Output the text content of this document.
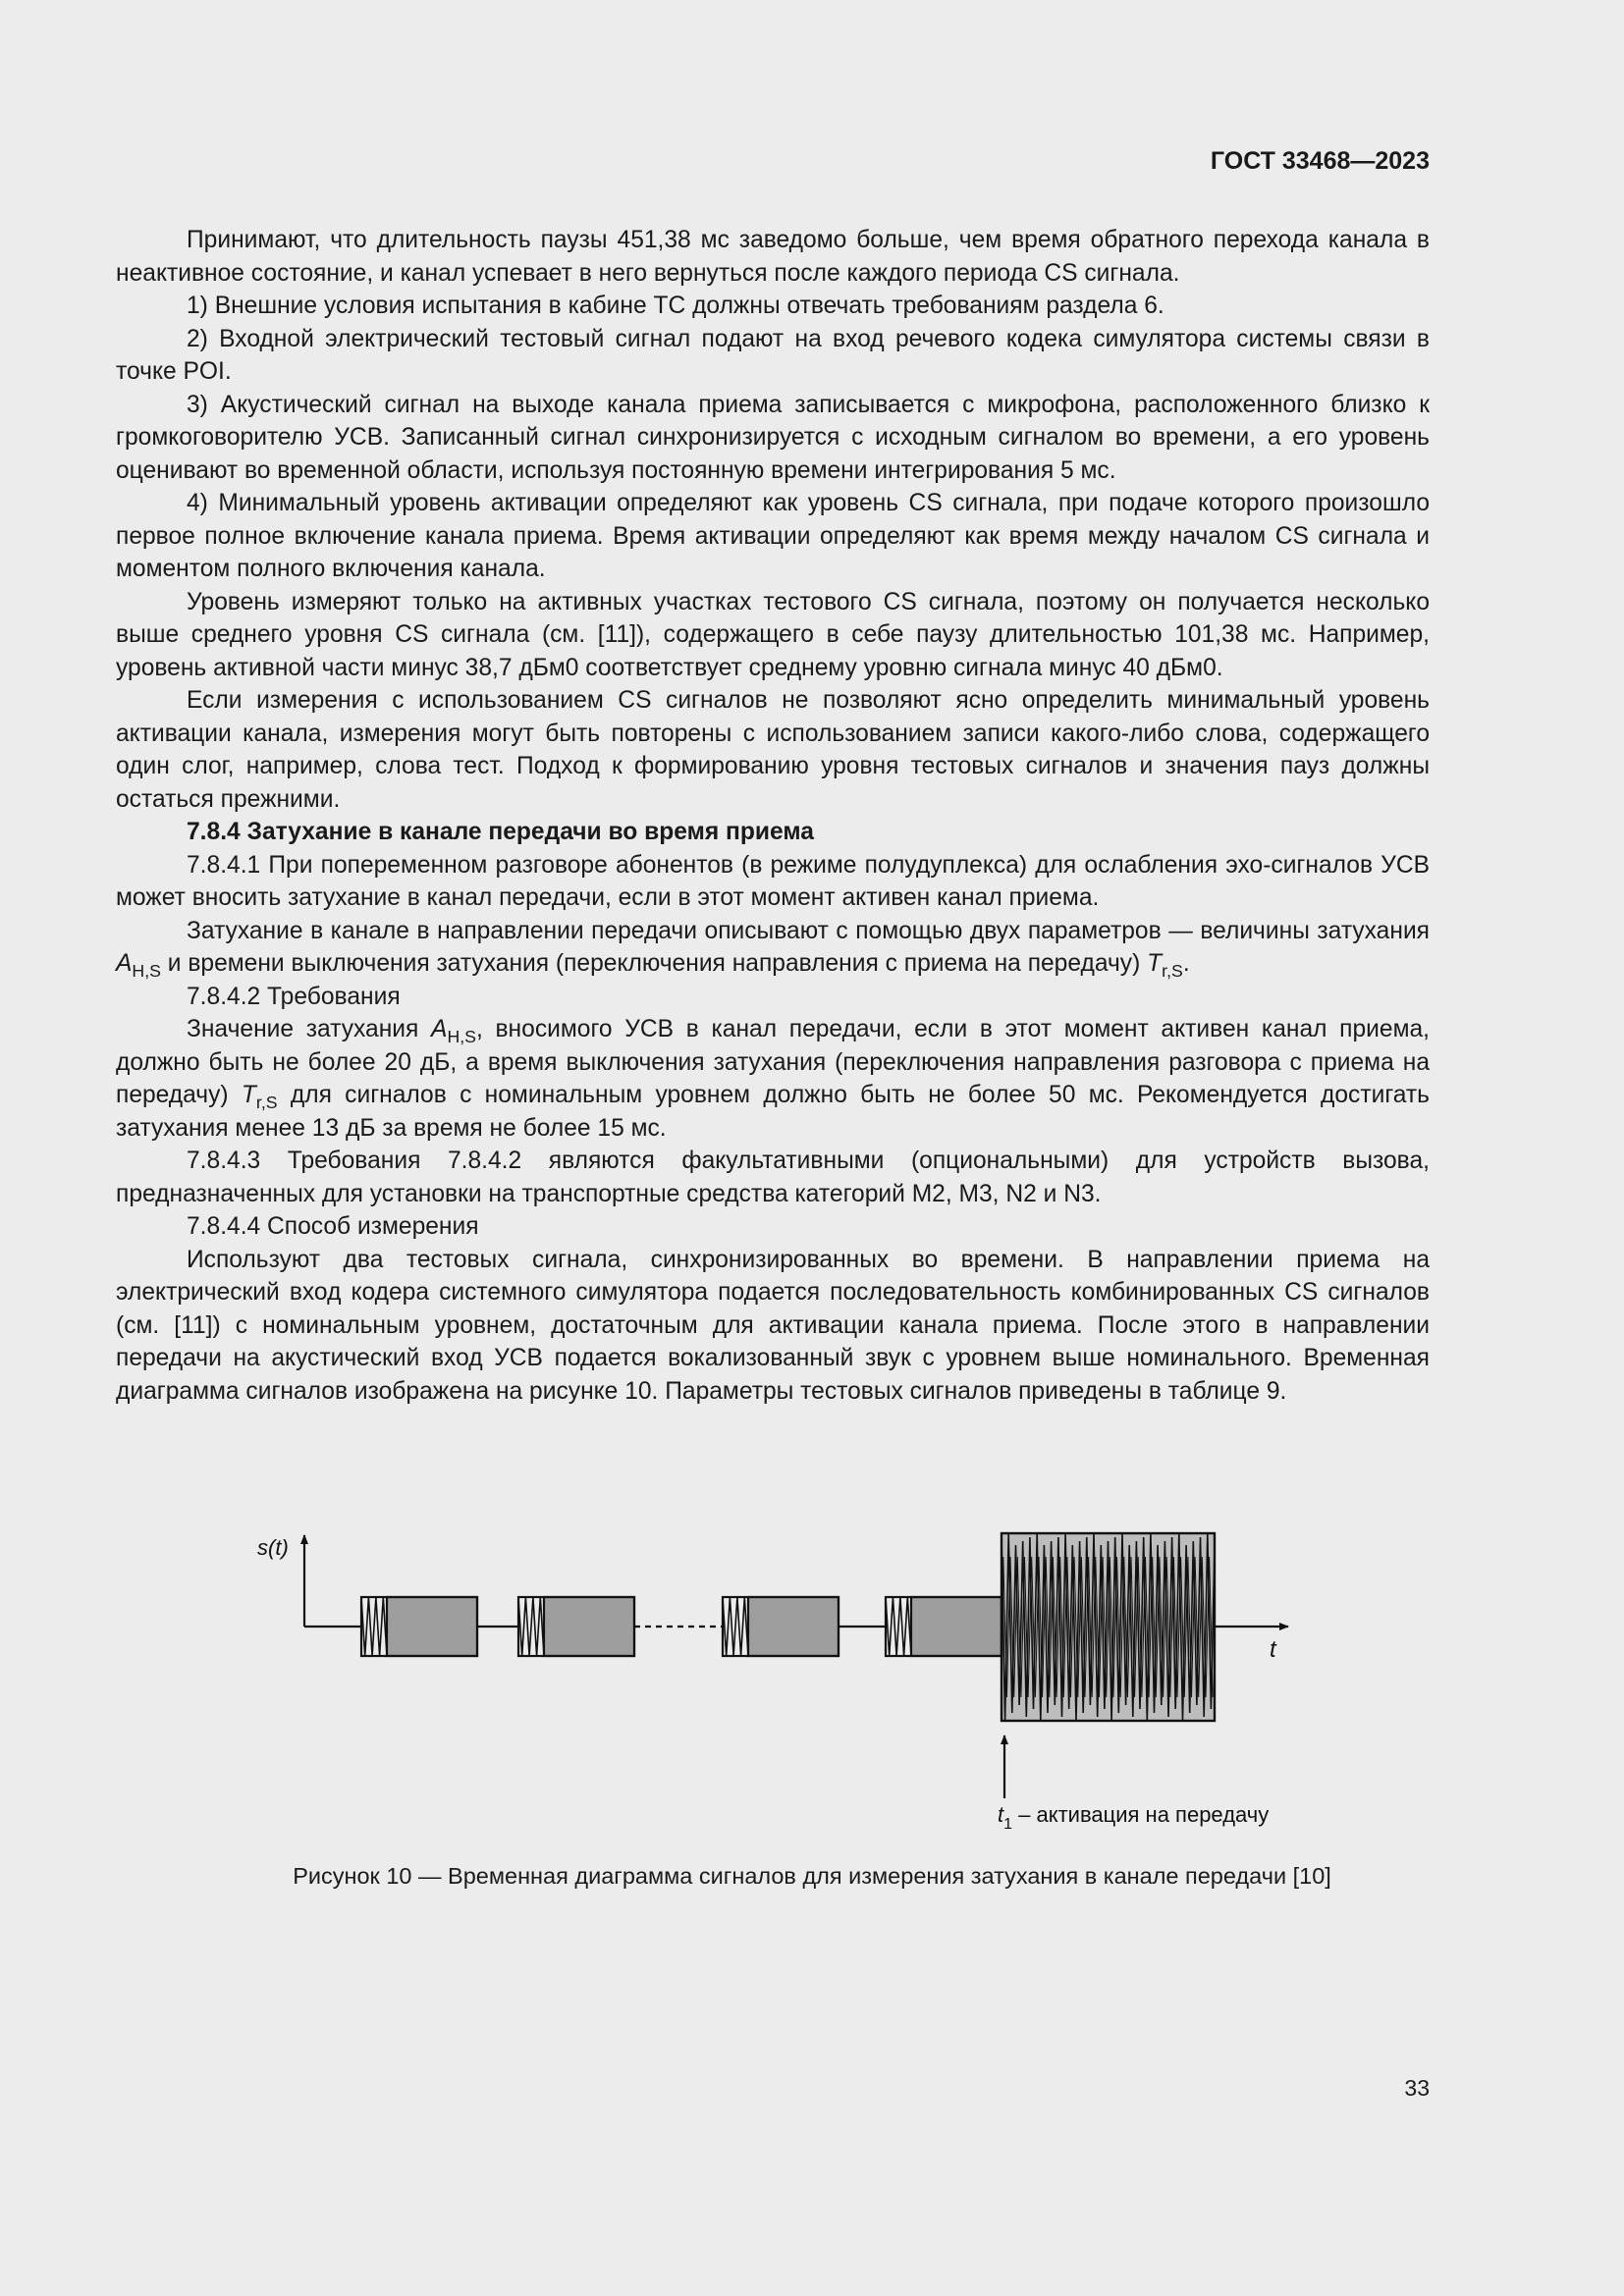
ГОСТ 33468—2023

Принимают, что длительность паузы 451,38 мс заведомо больше, чем время обратного перехода канала в неактивное состояние, и канал успевает в него вернуться после каждого периода CS сигнала.

1) Внешние условия испытания в кабине ТС должны отвечать требованиям раздела 6.

2) Входной электрический тестовый сигнал подают на вход речевого кодека симулятора системы связи в точке POI.

3) Акустический сигнал на выходе канала приема записывается с микрофона, расположенного близко к громкоговорителю УСВ. Записанный сигнал синхронизируется с исходным сигналом во времени, а его уровень оценивают во временной области, используя постоянную времени интегрирования 5 мс.

4) Минимальный уровень активации определяют как уровень CS сигнала, при подаче которого произошло первое полное включение канала приема. Время активации определяют как время между началом CS сигнала и моментом полного включения канала.

Уровень измеряют только на активных участках тестового CS сигнала, поэтому он получается несколько выше среднего уровня CS сигнала (см. [11]), содержащего в себе паузу длительностью 101,38 мс. Например, уровень активной части минус 38,7 дБм0 соответствует среднему уровню сигнала минус 40 дБм0.

Если измерения с использованием CS сигналов не позволяют ясно определить минимальный уровень активации канала, измерения могут быть повторены с использованием записи какого-либо слова, содержащего один слог, например, слова тест. Подход к формированию уровня тестовых сигналов и значения пауз должны остаться прежними.

7.8.4 Затухание в канале передачи во время приема

7.8.4.1 При попеременном разговоре абонентов (в режиме полудуплекса) для ослабления эхо-сигналов УСВ может вносить затухание в канал передачи, если в этот момент активен канал приема.

Затухание в канале в направлении передачи описывают с помощью двух параметров — величины затухания $A_{H,S}$ и времени выключения затухания (переключения направления с приема на передачу) $T_{r,S}$.

7.8.4.2 Требования

Значение затухания $A_{H,S}$, вносимого УСВ в канал передачи, если в этот момент активен канал приема, должно быть не более 20 дБ, а время выключения затухания (переключения направления разговора с приема на передачу) $T_{r,S}$ для сигналов с номинальным уровнем должно быть не более 50 мс. Рекомендуется достигать затухания менее 13 дБ за время не более 15 мс.

7.8.4.3 Требования 7.8.4.2 являются факультативными (опциональными) для устройств вызова, предназначенных для установки на транспортные средства категорий М2, М3, N2 и N3.

7.8.4.4 Способ измерения

Используют два тестовых сигнала, синхронизированных во времени. В направлении приема на электрический вход кодера системного симулятора подается последовательность комбинированных CS сигналов (см. [11]) с номинальным уровнем, достаточным для активации канала приема. После этого в направлении передачи на акустический вход УСВ подается вокализованный звук с уровнем выше номинального. Временная диаграмма сигналов изображена на рисунке 10. Параметры тестовых сигналов приведены в таблице 9.

s(t)
t
$t_1$ – активация на передачу
Рисунок 10 — Временная диаграмма сигналов для измерения затухания в канале передачи [10]
33
